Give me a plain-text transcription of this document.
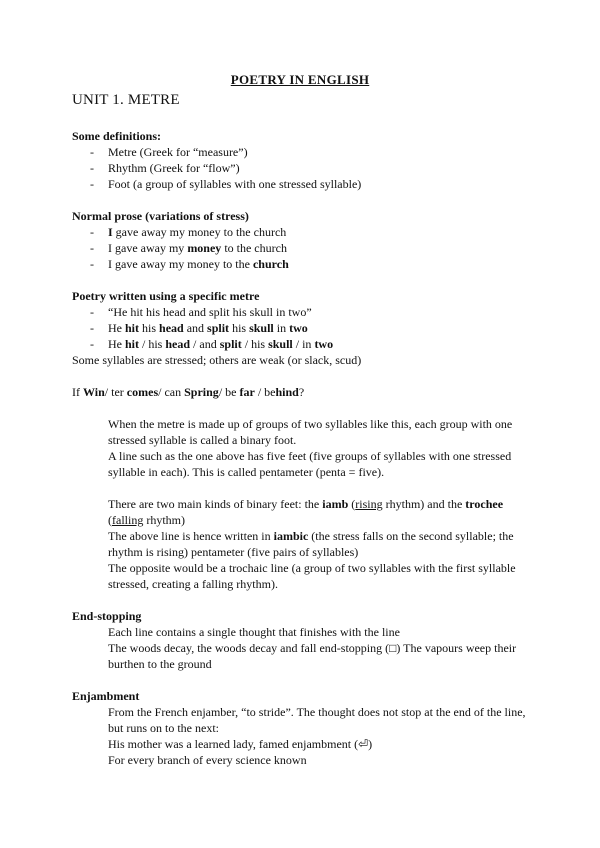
POETRY IN ENGLISH
UNIT 1. METRE
Some definitions:
- Metre (Greek for “measure”)
- Rhythm (Greek for “flow”)
- Foot (a group of syllables with one stressed syllable)
Normal prose (variations of stress)
- I gave away my money to the church
- I gave away my money to the church
- I gave away my money to the church
Poetry written using a specific metre
- “He hit his head and split his skull in two”
- He hit his head and split his skull in two
- He hit / his head / and split / his skull / in two
Some syllables are stressed; others are weak (or slack, scud)
If Win/ ter comes/ can Spring/ be far / behind?
When the metre is made up of groups of two syllables like this, each group with one stressed syllable is called a binary foot.
A line such as the one above has five feet (five groups of syllables with one stressed syllable in each). This is called pentameter (penta = five).
There are two main kinds of binary feet: the iamb (rising rhythm) and the trochee (falling rhythm)
The above line is hence written in iambic (the stress falls on the second syllable; the rhythm is rising) pentameter (five pairs of syllables)
The opposite would be a trochaic line (a group of two syllables with the first syllable stressed, creating a falling rhythm).
End-stopping
Each line contains a single thought that finishes with the line
The woods decay, the woods decay and fall end-stopping (□) The vapours weep their burthen to the ground
Enjambment
From the French enjamber, “to stride”. The thought does not stop at the end of the line, but runs on to the next:
His mother was a learned lady, famed enjambment (⏎)
For every branch of every science known
